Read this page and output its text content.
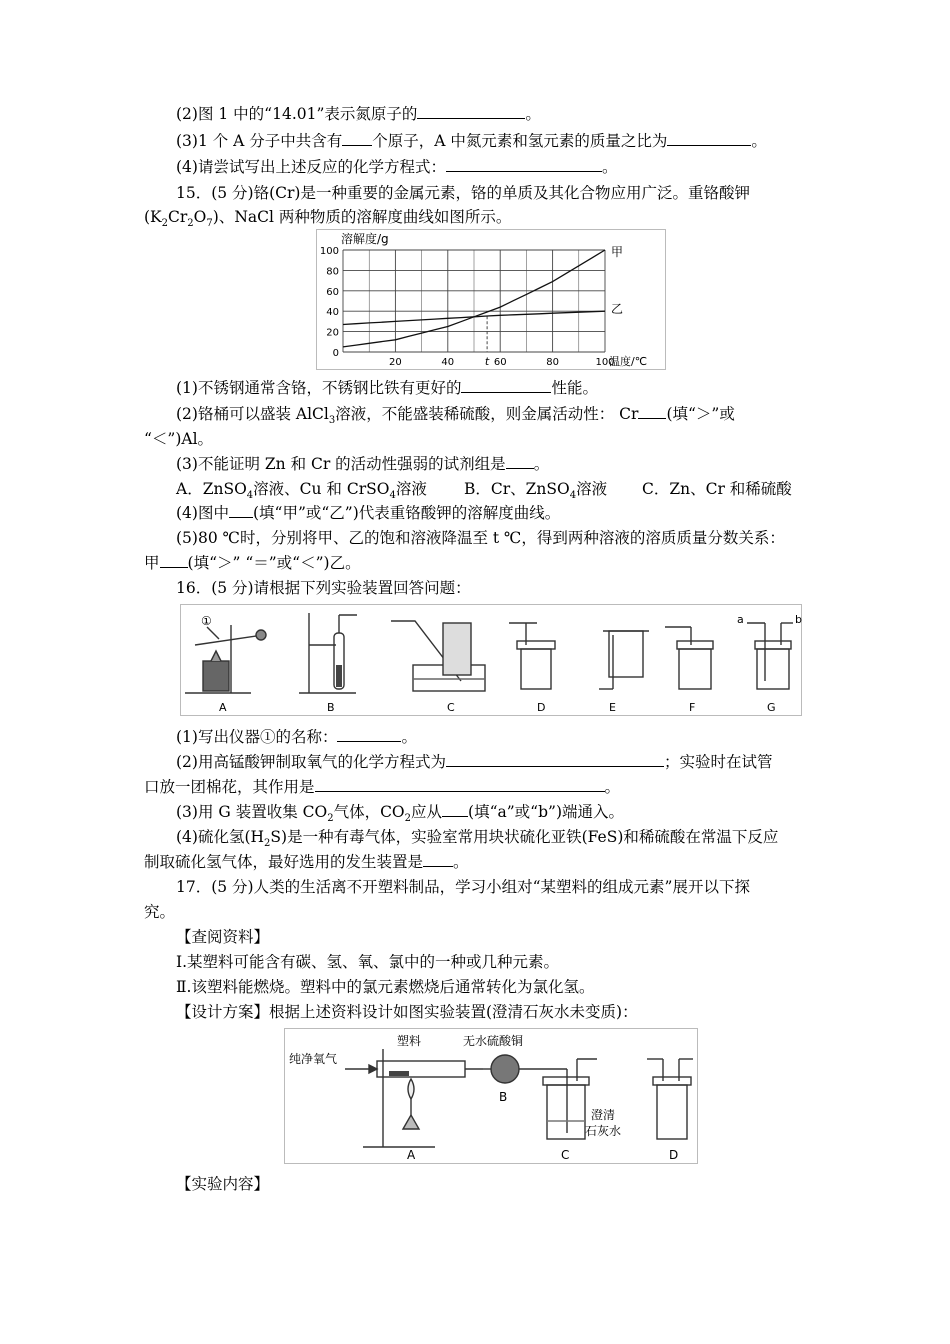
(2)图 1 中的“14.01”表示氮原子的	。
(3)1 个 A 分子中共含有 个原子，A 中氮元素和氢元素的质量之比为	。
(4)请尝试写出上述反应的化学方程式：	。
15．(5 分)铬(Cr)是一种重要的金属元素，铬的单质及其化合物应用广泛。重铬酸钾
$(K_2Cr_2O_7)$、NaCl 两种物质的溶解度曲线如图所示。
0
20
40
60
80
100
20	40	t 60	80	100
溶解度/g
温度/℃
甲
乙
(1)不锈钢通常含铬，不锈钢比铁有更好的	性能。
(2)铬桶可以盛装 AlCl$_3$溶液，不能盛装稀硫酸，则金属活动性： Cr (填“＞”或
“＜”)Al。
(3)不能证明 Zn 和 Cr 的活动性强弱的试剂组是 。
A．ZnSO$_4$溶液、Cu 和 CrSO$_4$溶液 B．Cr、ZnSO$_4$溶液 C．Zn、Cr 和稀硫酸
(4)图中 (填“甲”或“乙”)代表重铬酸钾的溶解度曲线。
(5)80 ℃时，分别将甲、乙的饱和溶液降温至 t ℃，得到两种溶液的溶质质量分数关系：
甲 (填“＞” “＝”或“＜”)乙。
16．(5 分)请根据下列实验装置回答问题：
①	a	b
A	B	C	D	E	F	G
(1)写出仪器①的名称：	。
(2)用高锰酸钾制取氧气的化学方程式为	；实验时在试管
口放一团棉花，其作用是	。
(3)用 G 装置收集 $CO_2$气体，$CO_2$应从 (填“a”或“b”)端通入。
(4)硫化氢$(H_2S)$是一种有毒气体，实验室常用块状硫化亚铁(FeS)和稀硫酸在常温下反应
制取硫化氢气体，最好选用的发生装置是 。
17．(5 分)人类的生活离不开塑料制品，学习小组对“某塑料的组成元素”展开以下探
究。
【查阅资料】
Ⅰ.某塑料可能含有碳、氢、氧、氯中的一种或几种元素。
Ⅱ.该塑料能燃烧。塑料中的氯元素燃烧后通常转化为氯化氢。
【设计方案】根据上述资料设计如图实验装置(澄清石灰水未变质)：
纯净氧气
塑料	无水硫酸铜
澄清
石灰水
A
B
C	D
【实验内容】
